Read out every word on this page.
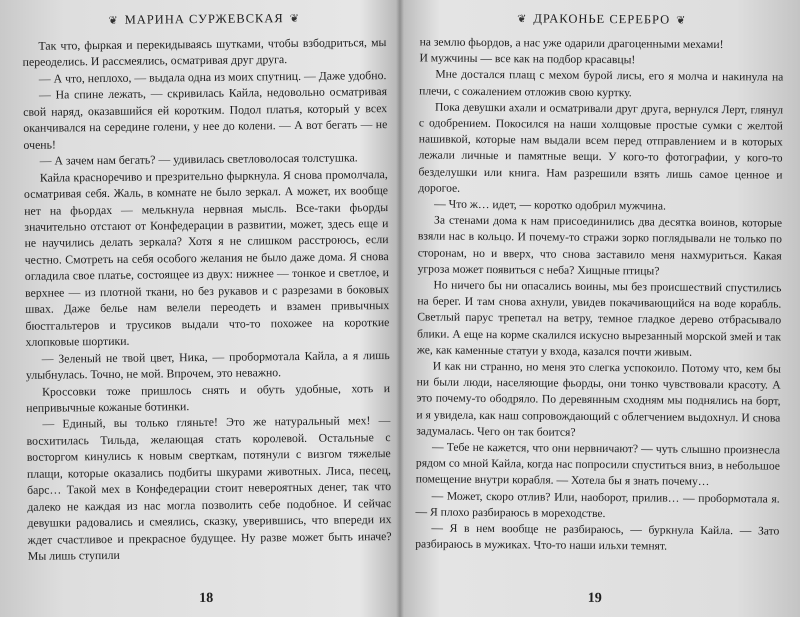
❦ МАРИНА СУРЖЕВСКАЯ ❦

Так что, фыркая и перекидываясь шутками, чтобы взбодриться, мы переоделись. И рассмеялись, осматривая друг друга.

— А что, неплохо, — выдала одна из моих спутниц. — Даже удобно.

— На спине лежать, — скривилась Кайла, недовольно осматривая свой наряд, оказавшийся ей коротким. Подол платья, который у всех оканчивался на середине голени, у нее до колени. — А вот бегать — не очень!

— А зачем нам бегать? — удивилась светловолосая толстушка.

Кайла красноречиво и презрительно фыркнула. Я снова промолчала, осматривая себя. Жаль, в комнате не было зеркал. А может, их вообще нет на фьордах — мелькнула нервная мысль. Все-таки фьорды значительно отстают от Конфедерации в развитии, может, здесь еще и не научились делать зеркала? Хотя я не слишком расстроюсь, если честно. Смотреть на себя особого желания не было даже дома. Я снова огладила свое платье, состоящее из двух: нижнее — тонкое и светлое, и верхнее — из плотной ткани, но без рукавов и с разрезами в боковых швах. Даже белье нам велели переодеть и взамен привычных бюстгальтеров и трусиков выдали что-то похожее на короткие хлопковые шортики.

— Зеленый не твой цвет, Ника, — пробормотала Кайла, а я лишь улыбнулась. Точно, не мой. Впрочем, это неважно.

Кроссовки тоже пришлось снять и обуть удобные, хоть и непривычные кожаные ботинки.

— Единый, вы только гляньте! Это же натуральный мех! — восхитилась Тильда, желающая стать королевой. Остальные с восторгом кинулись к новым сверткам, потянули с визгом тяжелые плащи, которые оказались подбиты шкурами животных. Лиса, песец, барс… Такой мех в Конфедерации стоит невероятных денег, так что далеко не каждая из нас могла позволить себе подобное. И сейчас девушки радовались и смеялись, сказку, уверившись, что впереди их ждет счастливое и прекрасное будущее. Ну разве может быть иначе? Мы лишь ступили

18
❦ ДРАКОНЬЕ СЕРЕБРО ❦

на землю фьордов, а нас уже одарили драгоценными мехами!

И мужчины — все как на подбор красавцы!

Мне достался плащ с мехом бурой лисы, его я молча и накинула на плечи, с сожалением отложив свою куртку.

Пока девушки ахали и осматривали друг друга, вернулся Лерт, глянул с одобрением. Покосился на наши холщовые простые сумки с желтой нашивкой, которые нам выдали всем перед отправлением и в которых лежали личные и памятные вещи. У кого-то фотографии, у кого-то безделушки или книга. Нам разрешили взять лишь самое ценное и дорогое.

— Что ж… идет, — коротко одобрил мужчина.

За стенами дома к нам присоединились два десятка воинов, которые взяли нас в кольцо. И почему-то стражи зорко поглядывали не только по сторонам, но и вверх, что снова заставило меня нахмуриться. Какая угроза может появиться с неба? Хищные птицы?

Но ничего бы ни опасались воины, мы без происшествий спустились на берег. И там снова ахнули, увидев покачивающийся на воде корабль. Светлый парус трепетал на ветру, темное гладкое дерево отбрасывало блики. А еще на корме скалился искусно вырезанный морской змей и так же, как каменные статуи у входа, казался почти живым.

И как ни странно, но меня это слегка успокоило. Потому что, кем бы ни были люди, населяющие фьорды, они тонко чувствовали красоту. А это почему-то ободряло. По деревянным сходням мы поднялись на борт, и я увидела, как наш сопровождающий с облегчением выдохнул. И снова задумалась. Чего он так боится?

— Тебе не кажется, что они нервничают? — чуть слышно произнесла рядом со мной Кайла, когда нас попросили спуститься вниз, в небольшое помещение внутри корабля. — Хотела бы я знать почему…

— Может, скоро отлив? Или, наоборот, прилив… — пробормотала я. — Я плохо разбираюсь в мореходстве.

— Я в нем вообще не разбираюсь, — буркнула Кайла. — Зато разбираюсь в мужиках. Что-то наши ильхи темнят.

19
